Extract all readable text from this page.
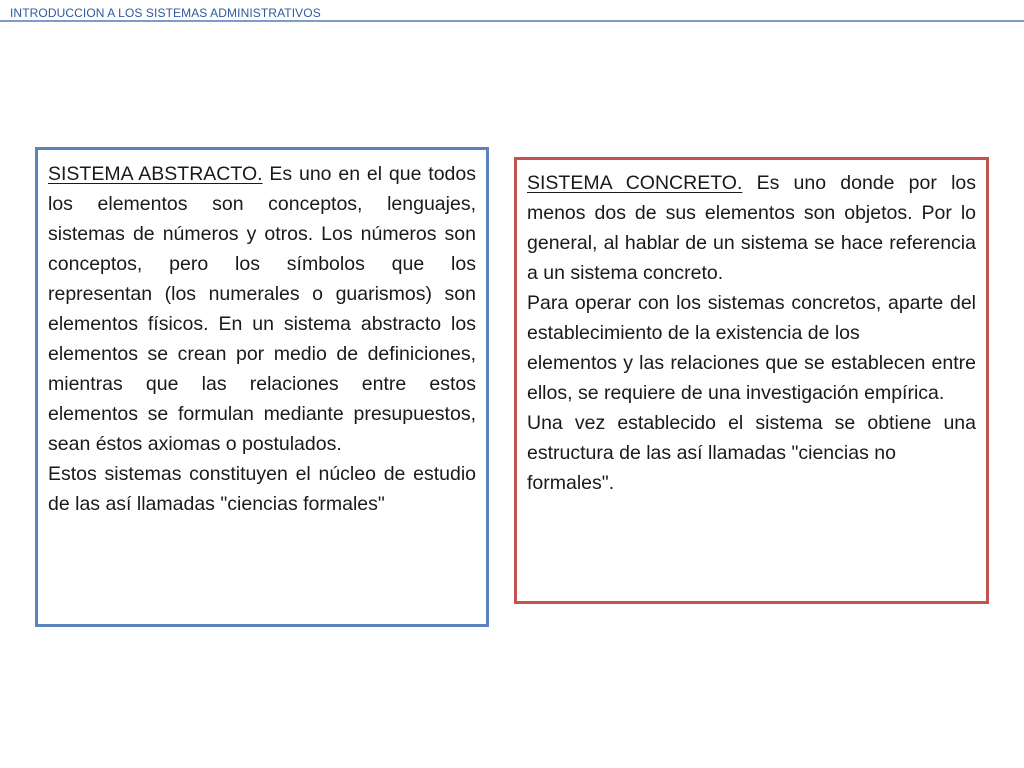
INTRODUCCION A LOS SISTEMAS ADMINISTRATIVOS

SISTEMA ABSTRACTO. Es uno en el que todos los elementos son conceptos, lenguajes, sistemas de números y otros. Los números son conceptos, pero los símbolos que los representan (los numerales o guarismos) son elementos físicos. En un sistema abstracto los elementos se crean por medio de definiciones, mientras que las relaciones entre estos elementos se formulan mediante presupuestos, sean éstos axiomas o postulados.

Estos sistemas constituyen el núcleo de estudio de las así llamadas "ciencias formales"

SISTEMA CONCRETO. Es uno donde por los menos dos de sus elementos son objetos. Por lo general, al hablar de un sistema se hace referencia a un sistema concreto.

Para operar con los sistemas concretos, aparte del establecimiento de la existencia de los

elementos y las relaciones que se establecen entre ellos, se requiere de una investigación empírica.

Una vez establecido el sistema se obtiene una estructura de las así llamadas "ciencias no

formales".
